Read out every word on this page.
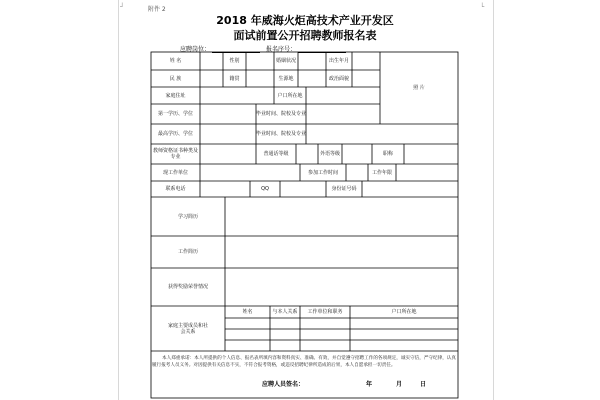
┘	└
附件 2
2018 年威海火炬高技术产业开发区
面试前置公开招聘教师报名表
应聘岗位：	报名序号：
姓 名	性别	婚姻状况	出生年月
民 族	籍贯	生源地	政治面貌
家庭住址	户口所在地
照 片
第一学历、学位	毕业时间、院校及专业
最高学历、学位	毕业时间、院校及专业
教师资格证书种类及专业	普通话等级	外语等级	职称
现工作单位	参加工作时间	工作年限
联系电话	QQ	身份证号码
学习简历
工作简历
获得奖励荣誉情况
家庭主要成员和社会关系
姓名	与本人关系	工作单位和职务	户口所在地
本人郑重承诺：本人所提供的个人信息、报名表所填内容和资料真实、准确、有效，并自觉遵守招聘工作的各项规定，诚实守信，严守纪律，认真履行报考人员义务。对因提供有关信息不实，不符合报考资格，或违反招聘纪律所造成的后果，本人自愿承担一切责任。
应聘人员签名：	年	月	日
